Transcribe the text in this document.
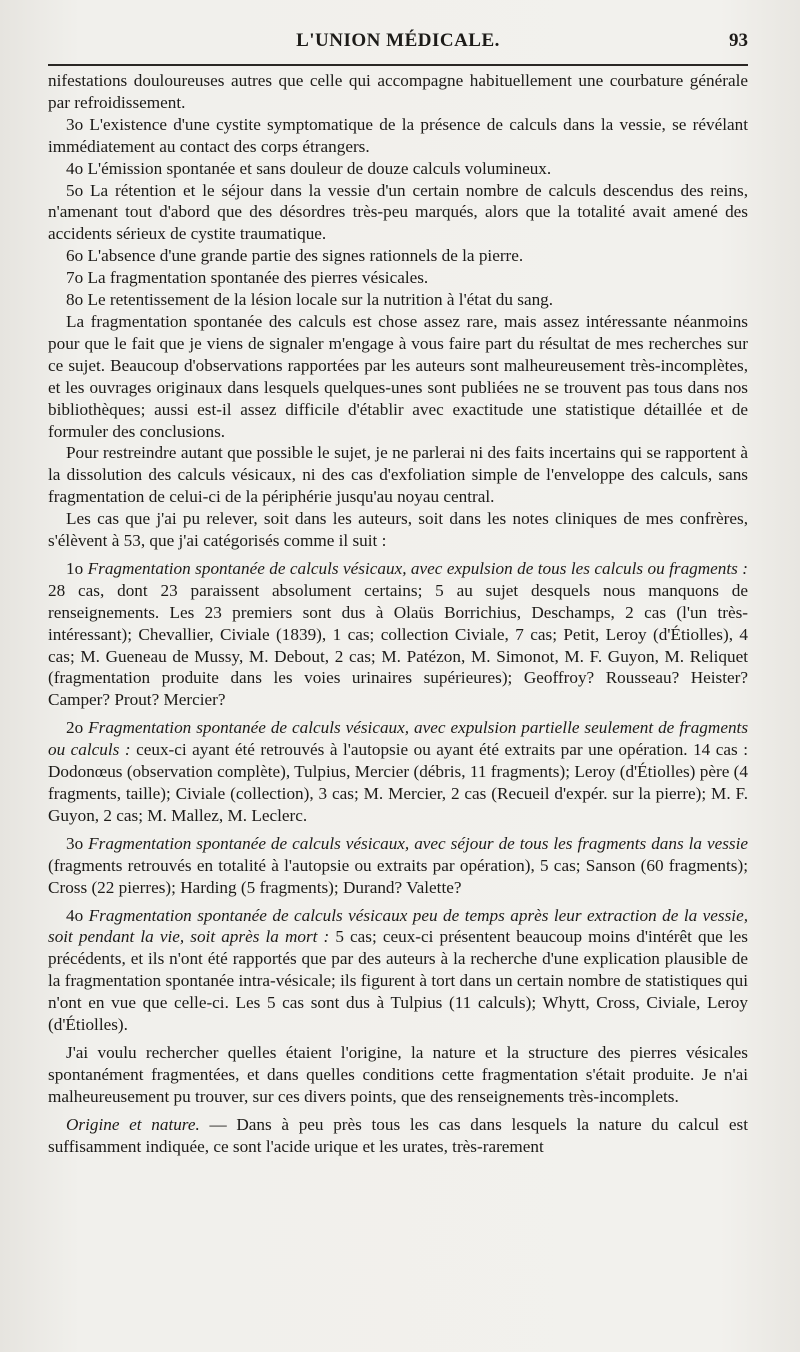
L'UNION MÉDICALE.	93

nifestations douloureuses autres que celle qui accompagne habituellement une courbature générale par refroidissement.

3o L'existence d'une cystite symptomatique de la présence de calculs dans la vessie, se révélant immédiatement au contact des corps étrangers.

4o L'émission spontanée et sans douleur de douze calculs volumineux.

5o La rétention et le séjour dans la vessie d'un certain nombre de calculs descendus des reins, n'amenant tout d'abord que des désordres très-peu marqués, alors que la totalité avait amené des accidents sérieux de cystite traumatique.

6o L'absence d'une grande partie des signes rationnels de la pierre.

7o La fragmentation spontanée des pierres vésicales.

8o Le retentissement de la lésion locale sur la nutrition à l'état du sang.

La fragmentation spontanée des calculs est chose assez rare, mais assez intéressante néanmoins pour que le fait que je viens de signaler m'engage à vous faire part du résultat de mes recherches sur ce sujet. Beaucoup d'observations rapportées par les auteurs sont malheureusement très-incomplètes, et les ouvrages originaux dans lesquels quelques-unes sont publiées ne se trouvent pas tous dans nos bibliothèques; aussi est-il assez difficile d'établir avec exactitude une statistique détaillée et de formuler des conclusions.

Pour restreindre autant que possible le sujet, je ne parlerai ni des faits incertains qui se rapportent à la dissolution des calculs vésicaux, ni des cas d'exfoliation simple de l'enveloppe des calculs, sans fragmentation de celui-ci de la périphérie jusqu'au noyau central.

Les cas que j'ai pu relever, soit dans les auteurs, soit dans les notes cliniques de mes confrères, s'élèvent à 53, que j'ai catégorisés comme il suit :

1o Fragmentation spontanée de calculs vésicaux, avec expulsion de tous les calculs ou fragments : 28 cas, dont 23 paraissent absolument certains; 5 au sujet desquels nous manquons de renseignements. Les 23 premiers sont dus à Olaüs Borrichius, Deschamps, 2 cas (l'un très-intéressant); Chevallier, Civiale (1839), 1 cas; collection Civiale, 7 cas; Petit, Leroy (d'Étiolles), 4 cas; M. Gueneau de Mussy, M. Debout, 2 cas; M. Patézon, M. Simonot, M. F. Guyon, M. Reliquet (fragmentation produite dans les voies urinaires supérieures); Geoffroy? Rousseau? Heister? Camper? Prout? Mercier?

2o Fragmentation spontanée de calculs vésicaux, avec expulsion partielle seulement de fragments ou calculs : ceux-ci ayant été retrouvés à l'autopsie ou ayant été extraits par une opération. 14 cas : Dodonœus (observation complète), Tulpius, Mercier (débris, 11 fragments); Leroy (d'Étiolles) père (4 fragments, taille); Civiale (collection), 3 cas; M. Mercier, 2 cas (Recueil d'expér. sur la pierre); M. F. Guyon, 2 cas; M. Mallez, M. Leclerc.

3o Fragmentation spontanée de calculs vésicaux, avec séjour de tous les fragments dans la vessie (fragments retrouvés en totalité à l'autopsie ou extraits par opération), 5 cas; Sanson (60 fragments); Cross (22 pierres); Harding (5 fragments); Durand? Valette?

4o Fragmentation spontanée de calculs vésicaux peu de temps après leur extraction de la vessie, soit pendant la vie, soit après la mort : 5 cas; ceux-ci présentent beaucoup moins d'intérêt que les précédents, et ils n'ont été rapportés que par des auteurs à la recherche d'une explication plausible de la fragmentation spontanée intra-vésicale; ils figurent à tort dans un certain nombre de statistiques qui n'ont en vue que celle-ci. Les 5 cas sont dus à Tulpius (11 calculs); Whytt, Cross, Civiale, Leroy (d'Étiolles).

J'ai voulu rechercher quelles étaient l'origine, la nature et la structure des pierres vésicales spontanément fragmentées, et dans quelles conditions cette fragmentation s'était produite. Je n'ai malheureusement pu trouver, sur ces divers points, que des renseignements très-incomplets.

Origine et nature. — Dans à peu près tous les cas dans lesquels la nature du calcul est suffisamment indiquée, ce sont l'acide urique et les urates, très-rarement
